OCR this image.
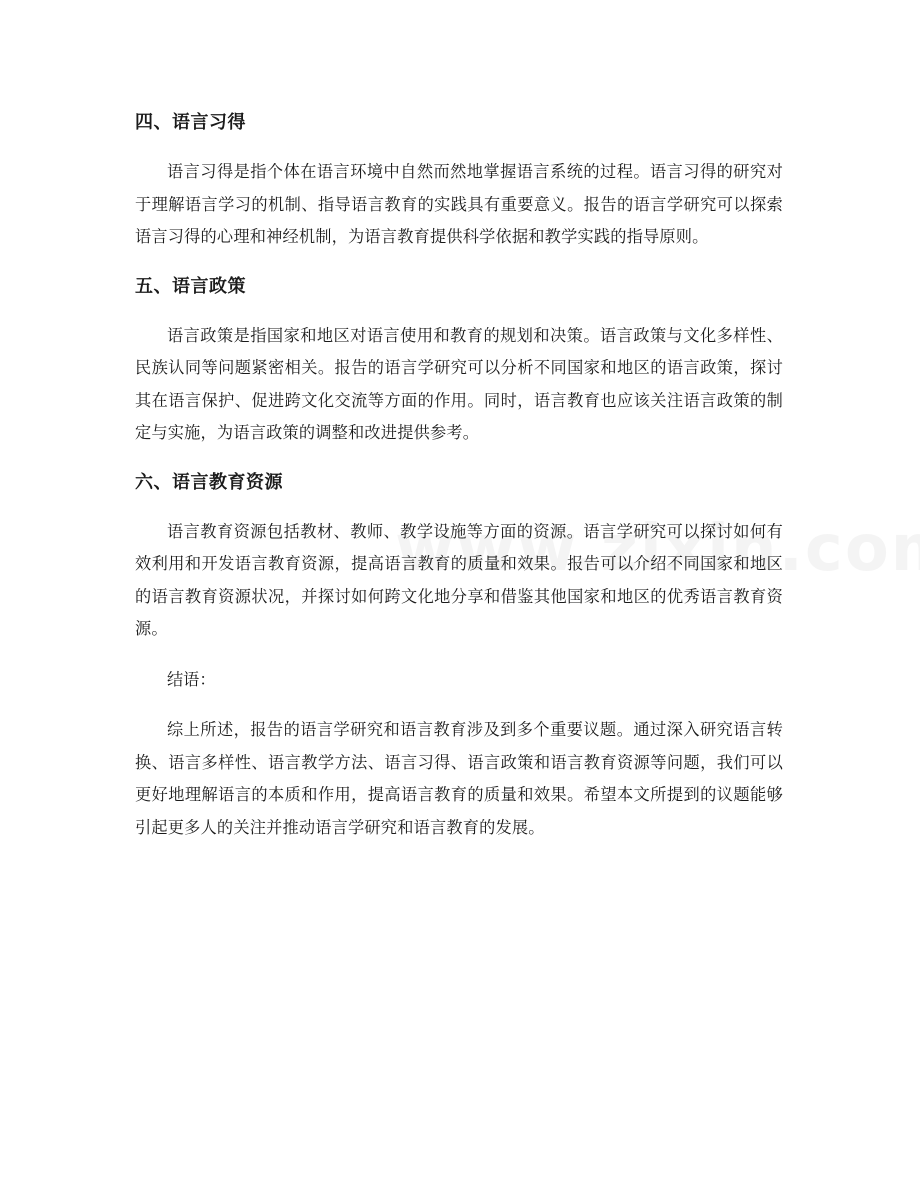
四、语言习得

语言习得是指个体在语言环境中自然而然地掌握语言系统的过程。语言习得的研究对于理解语言学习的机制、指导语言教育的实践具有重要意义。报告的语言学研究可以探索语言习得的心理和神经机制，为语言教育提供科学依据和教学实践的指导原则。

五、语言政策

语言政策是指国家和地区对语言使用和教育的规划和决策。语言政策与文化多样性、民族认同等问题紧密相关。报告的语言学研究可以分析不同国家和地区的语言政策，探讨其在语言保护、促进跨文化交流等方面的作用。同时，语言教育也应该关注语言政策的制定与实施，为语言政策的调整和改进提供参考。

六、语言教育资源

语言教育资源包括教材、教师、教学设施等方面的资源。语言学研究可以探讨如何有效利用和开发语言教育资源，提高语言教育的质量和效果。报告可以介绍不同国家和地区的语言教育资源状况，并探讨如何跨文化地分享和借鉴其他国家和地区的优秀语言教育资源。

结语：

综上所述，报告的语言学研究和语言教育涉及到多个重要议题。通过深入研究语言转换、语言多样性、语言教学方法、语言习得、语言政策和语言教育资源等问题，我们可以更好地理解语言的本质和作用，提高语言教育的质量和效果。希望本文所提到的议题能够引起更多人的关注并推动语言学研究和语言教育的发展。
